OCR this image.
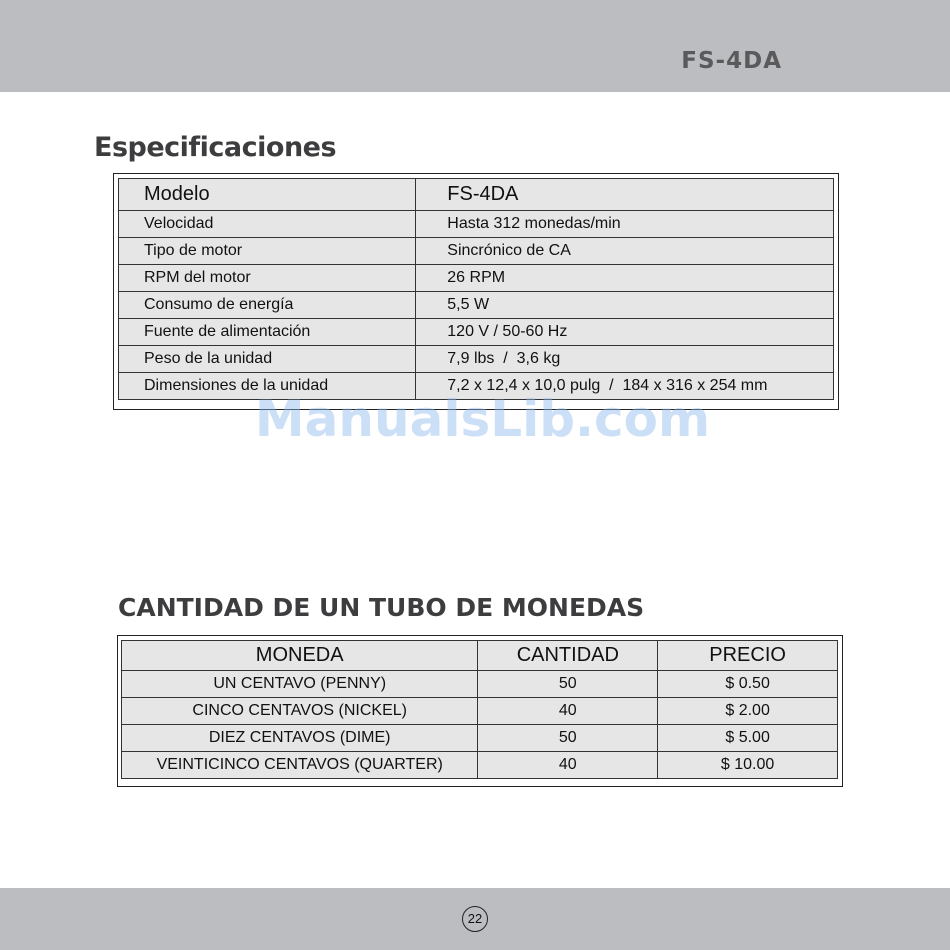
FS-4DA
Especificaciones
Modelo	FS-4DA
Velocidad	Hasta 312 monedas/min
Tipo de motor	Sincrónico de CA
RPM del motor	26 RPM
Consumo de energía	5,5 W
Fuente de alimentación	120 V / 50-60 Hz
Peso de la unidad	7,9 lbs  /  3,6 kg
Dimensiones de la unidad	7,2 x 12,4 x 10,0 pulg  /  184 x 316 x 254 mm
ManualsLib.com
CANTIDAD DE UN TUBO DE MONEDAS
MONEDA	CANTIDAD	PRECIO
UN CENTAVO (PENNY)	50	$ 0.50
CINCO CENTAVOS (NICKEL)	40	$ 2.00
DIEZ CENTAVOS (DIME)	50	$ 5.00
VEINTICINCO CENTAVOS (QUARTER)	40	$ 10.00
22
